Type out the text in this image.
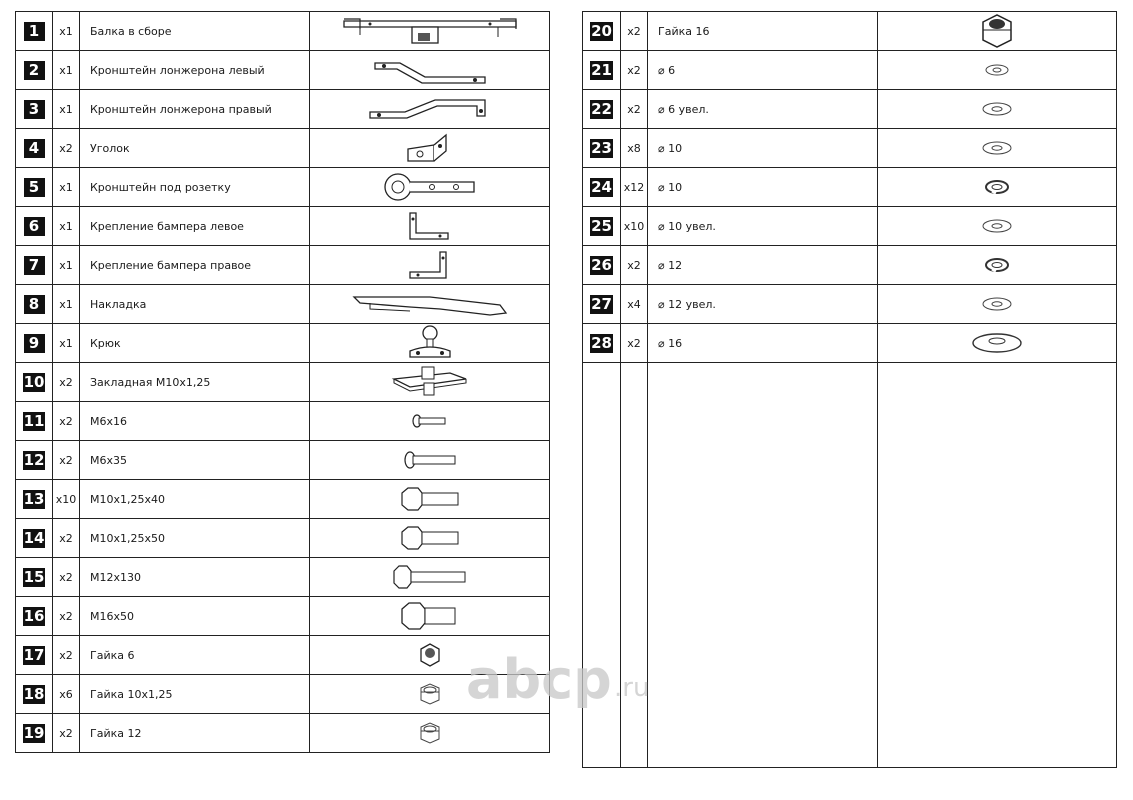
1	x1	Балка в сборе	

2	x1	Кронштейн лонжерона левый	

3	x1	Кронштейн лонжерона правый	

4	x2	Уголок	

5	x1	Кронштейн под розетку	

6	x1	Крепление бампера левое	

7	x1	Крепление бампера правое	

8	x1	Накладка	

9	x1	Крюк	

10	x2	Закладная М10х1,25	

11	x2	М6х16	

12	x2	М6х35	

13	x10	М10х1,25х40	

14	x2	М10х1,25х50	

15	x2	М12х130	

16	x2	М16х50	

17	x2	Гайка 6	

18	x6	Гайка 10х1,25	

19	x2	Гайка 12	
20	x2	Гайка 16	

21	x2	⌀ 6	

22	x2	⌀ 6 увел.	

23	x8	⌀ 10	

24	x12	⌀ 10	

25	x10	⌀ 10 увел.	

26	x2	⌀ 12	

27	x4	⌀ 12 увел.	

28	x2	⌀ 16	

abcp .ru
